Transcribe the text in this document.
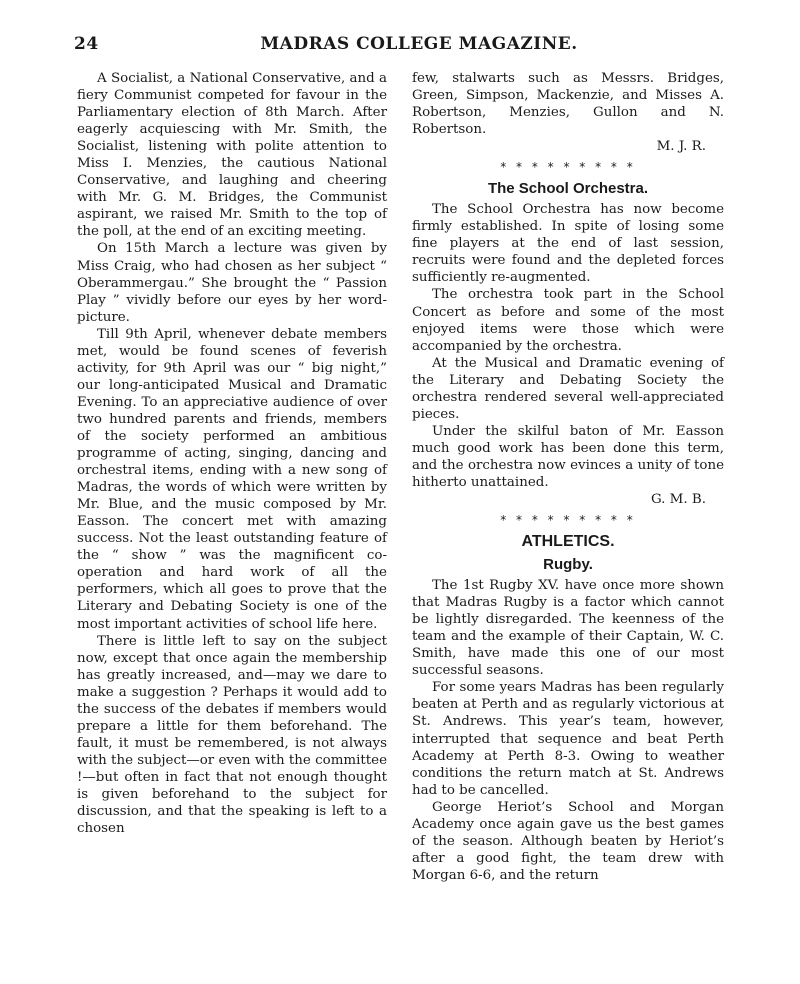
24	MADRAS COLLEGE MAGAZINE.

A Socialist, a National Conservative, and a fiery Communist competed for favour in the Parliamentary election of 8th March. After eagerly acquiescing with Mr. Smith, the Socialist, listening with polite attention to Miss I. Menzies, the cautious National Conservative, and laughing and cheering with Mr. G. M. Bridges, the Communist aspirant, we raised Mr. Smith to the top of the poll, at the end of an exciting meeting.

On 15th March a lecture was given by Miss Craig, who had chosen as her subject “ Oberammergau.” She brought the “ Passion Play ” vividly before our eyes by her word-picture.

Till 9th April, whenever debate members met, would be found scenes of feverish activity, for 9th April was our “ big night,” our long-anticipated Musical and Dramatic Evening. To an appreciative audience of over two hundred parents and friends, members of the society performed an ambitious programme of acting, singing, dancing and orchestral items, ending with a new song of Madras, the words of which were written by Mr. Blue, and the music composed by Mr. Easson. The concert met with amazing success. Not the least outstanding feature of the “ show ” was the magnificent co-operation and hard work of all the performers, which all goes to prove that the Literary and Debating Society is one of the most important activities of school life here.

There is little left to say on the subject now, except that once again the membership has greatly increased, and—may we dare to make a suggestion ? Perhaps it would add to the success of the debates if members would prepare a little for them beforehand. The fault, it must be remembered, is not always with the subject—or even with the committee !—but often in fact that not enough thought is given beforehand to the subject for discussion, and that the speaking is left to a chosen

few, stalwarts such as Messrs. Bridges, Green, Simpson, Mackenzie, and Misses A. Robertson, Menzies, Gullon and N. Robertson.

M. J. R.

* * * * * * * * *
The School Orchestra.

The School Orchestra has now become firmly established. In spite of losing some fine players at the end of last session, recruits were found and the depleted forces sufficiently re-augmented.

The orchestra took part in the School Concert as before and some of the most enjoyed items were those which were accompanied by the orchestra.

At the Musical and Dramatic evening of the Literary and Debating Society the orchestra rendered several well-appreciated pieces.

Under the skilful baton of Mr. Easson much good work has been done this term, and the orchestra now evinces a unity of tone hitherto unattained.

G. M. B.

* * * * * * * * *
ATHLETICS.
Rugby.

The 1st Rugby XV. have once more shown that Madras Rugby is a factor which cannot be lightly disregarded. The keenness of the team and the example of their Captain, W. C. Smith, have made this one of our most successful seasons.

For some years Madras has been regularly beaten at Perth and as regularly victorious at St. Andrews. This year’s team, however, interrupted that sequence and beat Perth Academy at Perth 8-3. Owing to weather conditions the return match at St. Andrews had to be cancelled.

George Heriot’s School and Morgan Academy once again gave us the best games of the season. Although beaten by Heriot’s after a good fight, the team drew with Morgan 6-6, and the return
